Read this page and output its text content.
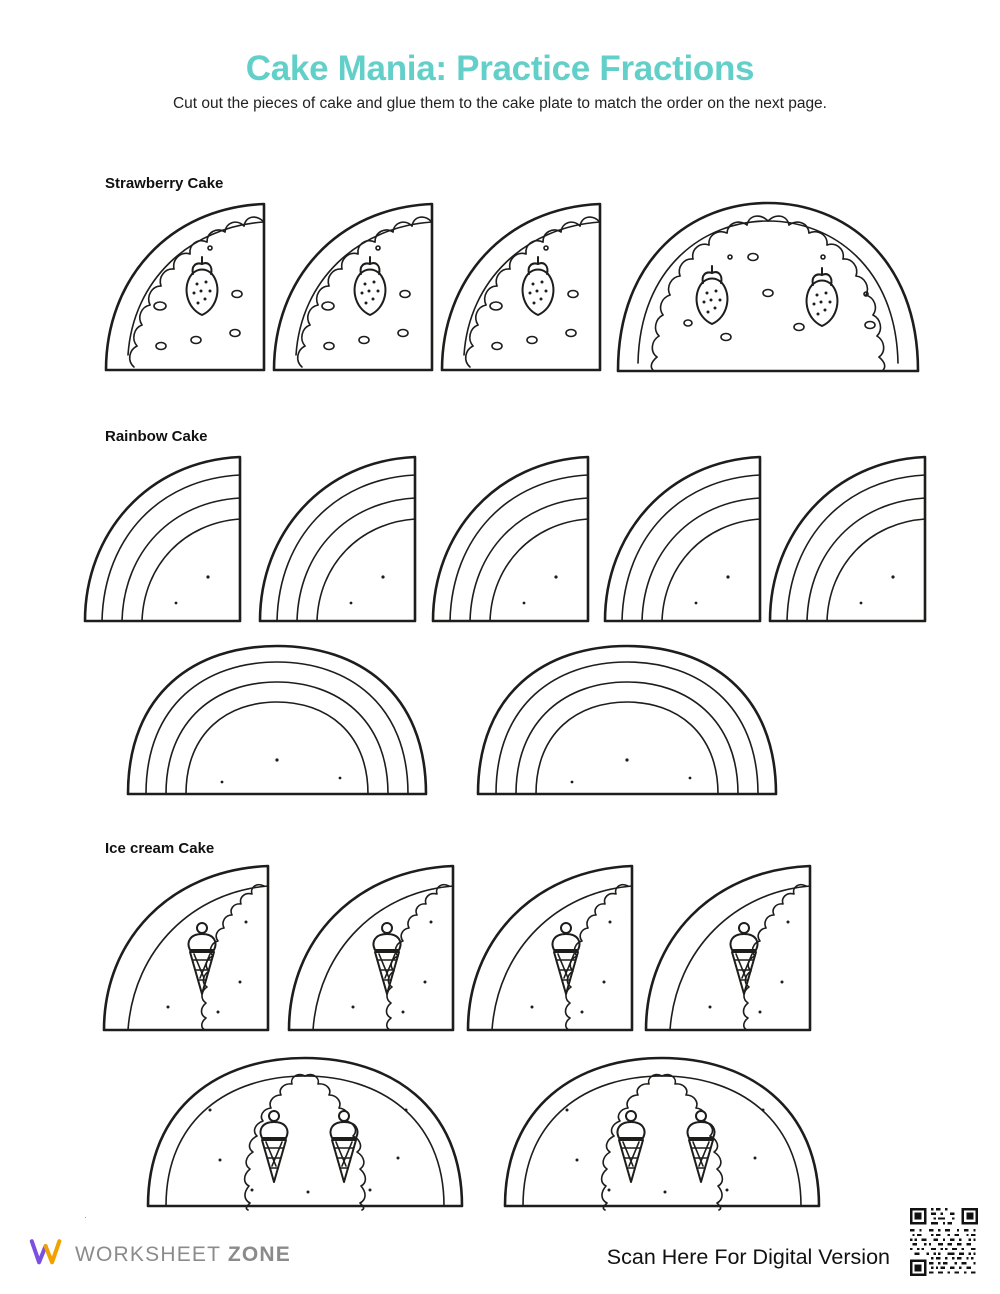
Cake Mania: Practice Fractions

Cut out the pieces of cake and glue them to the cake plate to match the order on the next page.

Strawberry Cake
Rainbow Cake
Ice cream Cake
·
WORKSHEET ZONE	Scan Here For Digital Version
